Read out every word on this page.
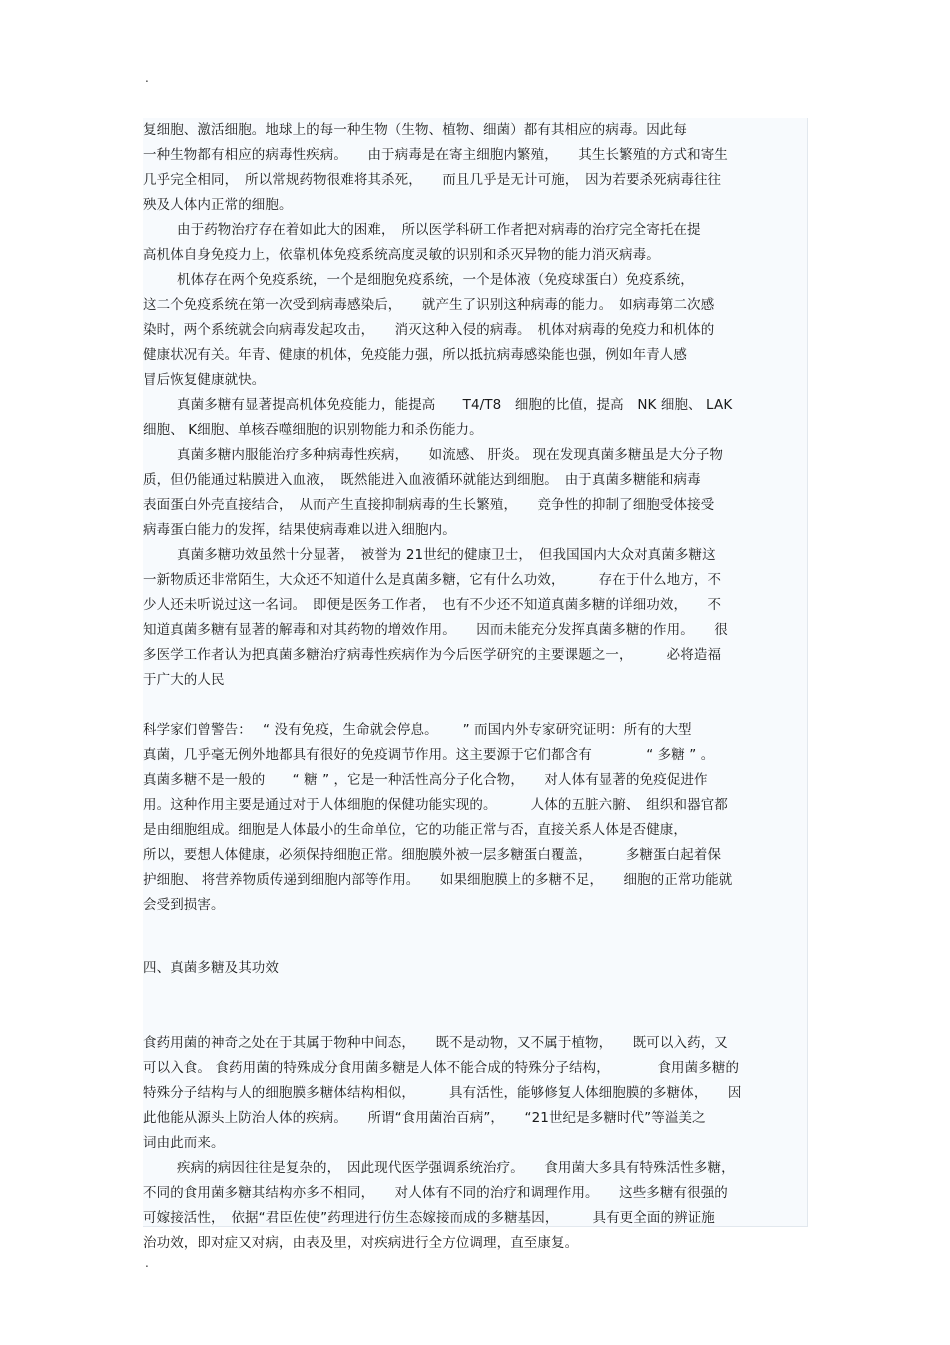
.
复细胞、激活细胞。地球上的每一种生物（生物、植物、细菌）都有其相应的病毒。因此每
一种生物都有相应的病毒性疾病。　　由于病毒是在寄主细胞内繁殖，　　其生长繁殖的方式和寄生
几乎完全相同，　所以常规药物很难将其杀死，　　而且几乎是无计可施，　因为若要杀死病毒往往
殃及人体内正常的细胞。
由于药物治疗存在着如此大的困难，　所以医学科研工作者把对病毒的治疗完全寄托在提
高机体自身免疫力上，依靠机体免疫系统高度灵敏的识别和杀灭异物的能力消灭病毒。
机体存在两个免疫系统，一个是细胞免疫系统，一个是体液（免疫球蛋白）免疫系统，
这二个免疫系统在第一次受到病毒感染后，　　就产生了识别这种病毒的能力。　如病毒第二次感
染时，两个系统就会向病毒发起攻击，　　消灭这种入侵的病毒。　机体对病毒的免疫力和机体的
健康状况有关。年青、健康的机体，免疫能力强，所以抵抗病毒感染能也强，例如年青人感
冒后恢复健康就快。
真菌多糖有显著提高机体免疫能力，能提高　　T4/T8　细胞的比值，提高　NK 细胞、 LAK
细胞、 K细胞、单核吞噬细胞的识别物能力和杀伤能力。
真菌多糖内服能治疗多种病毒性疾病，　　如流感、 肝炎。 现在发现真菌多糖虽是大分子物
质，但仍能通过粘膜进入血液，　既然能进入血液循环就能达到细胞。　由于真菌多糖能和病毒
表面蛋白外壳直接结合，　从而产生直接抑制病毒的生长繁殖，　　竞争性的抑制了细胞受体接受
病毒蛋白能力的发挥，结果使病毒难以进入细胞内。
真菌多糖功效虽然十分显著，　被誉为 21世纪的健康卫士，　但我国国内大众对真菌多糖这
一新物质还非常陌生，大众还不知道什么是真菌多糖，它有什么功效，　　　存在于什么地方，不
少人还未听说过这一名词。　即便是医务工作者，　也有不少还不知道真菌多糖的详细功效，　　不
知道真菌多糖有显著的解毒和对其药物的增效作用。　　因而未能充分发挥真菌多糖的作用。　　很
多医学工作者认为把真菌多糖治疗病毒性疾病作为今后医学研究的主要课题之一，　　　必将造福
于广大的人民
科学家们曾警告：　 “ 没有免疫，生命就会停息。　　 ” 而国内外专家研究证明：所有的大型
真菌，几乎毫无例外地都具有很好的免疫调节作用。这主要源于它们都含有　　　　“ 多糖 ” 。
真菌多糖不是一般的　　“ 糖 ” ，它是一种活性高分子化合物，　　对人体有显著的免疫促进作
用。这种作用主要是通过对于人体细胞的保健功能实现的。　　　人体的五脏六腑、　组织和器官都
是由细胞组成。细胞是人体最小的生命单位，它的功能正常与否，直接关系人体是否健康，
所以，要想人体健康，必须保持细胞正常。细胞膜外被一层多糖蛋白覆盖，　　　多糖蛋白起着保
护细胞、 将营养物质传递到细胞内部等作用。　　如果细胞膜上的多糖不足，　　细胞的正常功能就
会受到损害。
四、真菌多糖及其功效
食药用菌的神奇之处在于其属于物种中间态，　　既不是动物，又不属于植物，　　既可以入药，又
可以入食。 食药用菌的特殊成分食用菌多糖是人体不能合成的特殊分子结构，　　　　食用菌多糖的
特殊分子结构与人的细胞膜多糖体结构相似，　　　具有活性，能够修复人体细胞膜的多糖体，　　因
此他能从源头上防治人体的疾病。　　所谓“食用菌治百病”，　　“21世纪是多糖时代”等溢美之
词由此而来。
疾病的病因往往是复杂的，　因此现代医学强调系统治疗。　　食用菌大多具有特殊活性多糖，
不同的食用菌多糖其结构亦多不相同，　　对人体有不同的治疗和调理作用。　　这些多糖有很强的
可嫁接活性，　依据“君臣佐使”药理进行仿生态嫁接而成的多糖基因，　　　具有更全面的辨证施
治功效，即对症又对病，由表及里，对疾病进行全方位调理，直至康复。
.
